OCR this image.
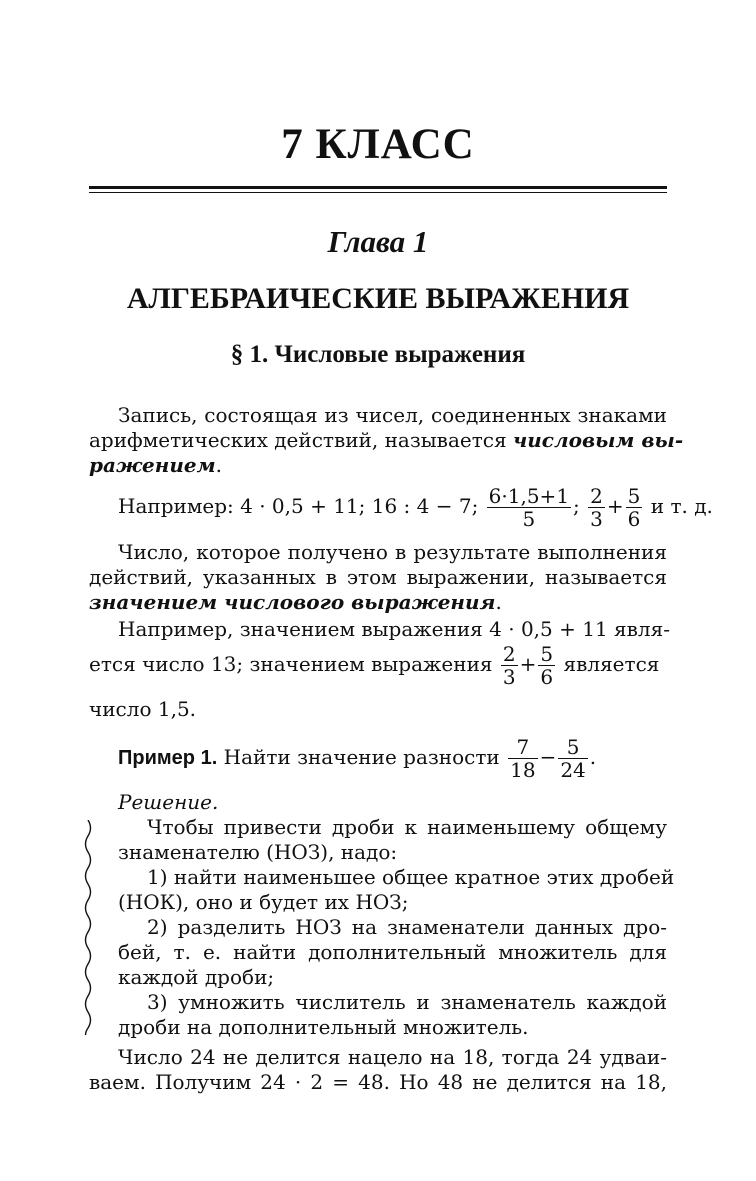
7 КЛАСС
Глава 1
АЛГЕБРАИЧЕСКИЕ ВЫРАЖЕНИЯ
§ 1. Числовые выражения
Запись, состоящая из чисел, соединенных знаками
арифметических действий, называется числовым вы-
ражением.
Например: 4 · 0,5 + 11; 16 : 4 − 7; $\frac{6\cdot 1,5+1}{5}$ ; $\frac{2}{3} + \frac{5}{6}$ и т. д.
Число, которое получено в результате выполнения
действий, указанных в этом выражении, называется
значением числового выражения.
Например, значением выражения 4 · 0,5 + 11 явля-
ется число 13; значением выражения $\frac{2}{3} + \frac{5}{6}$ является
число 1,5.
Пример 1. Найти значение разности $\frac{7}{18} - \frac{5}{24}$ .
Решение.
Чтобы привести дроби к наименьшему общему
знаменателю (НОЗ), надо:
1) найти наименьшее общее кратное этих дробей
(НОК), оно и будет их НОЗ;
2) разделить НОЗ на знаменатели данных дро-
бей, т. е. найти дополнительный множитель для
каждой дроби;
3) умножить числитель и знаменатель каждой
дроби на дополнительный множитель.
Число 24 не делится нацело на 18, тогда 24 удваи-
ваем. Получим 24 · 2 = 48. Но 48 не делится на 18,
